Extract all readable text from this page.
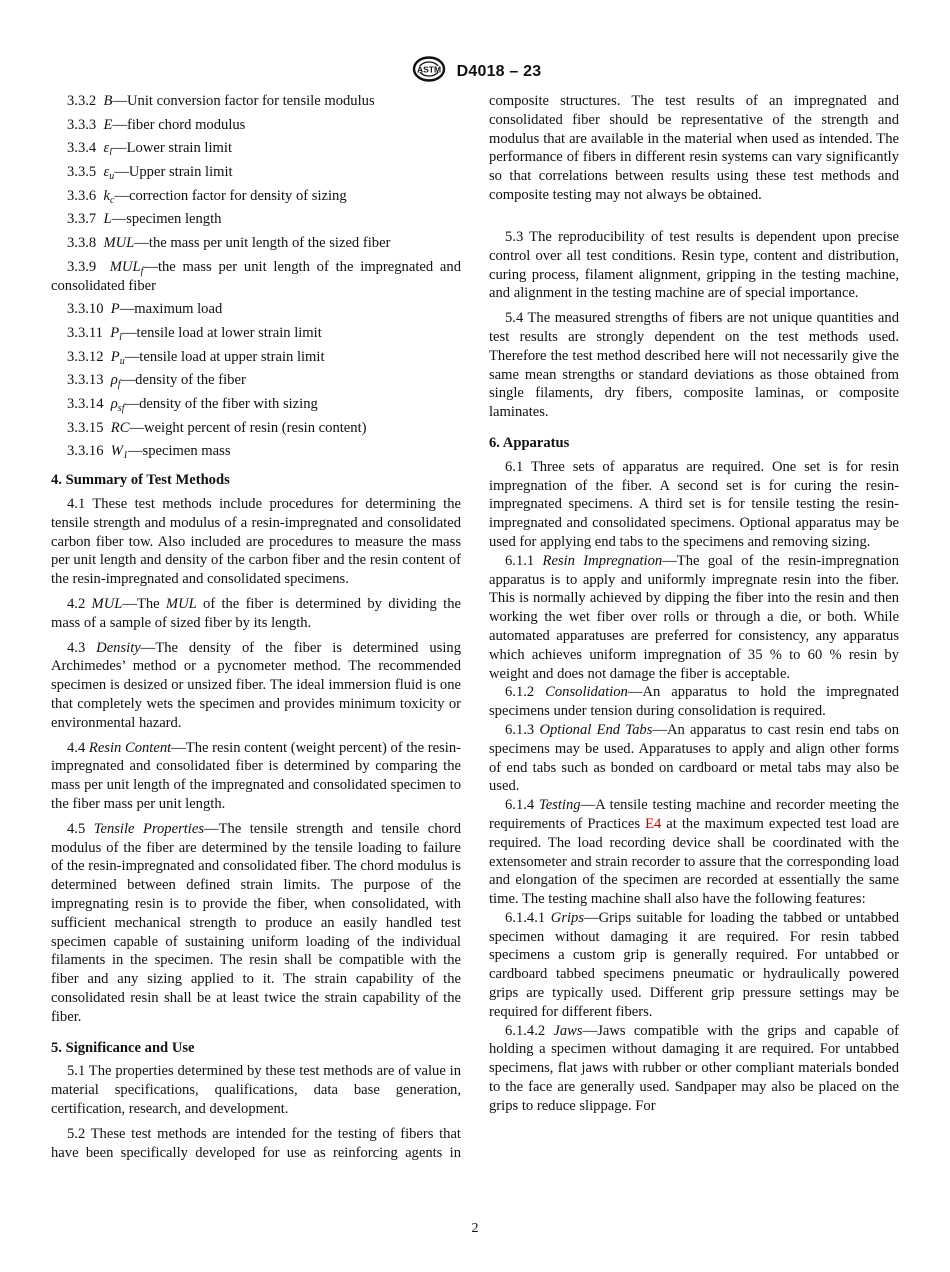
ASTM D4018 – 23

3.3.2 B—Unit conversion factor for tensile modulus

3.3.3 E—fiber chord modulus

3.3.4 $\varepsilon_l—Lower$ strain limit

3.3.5 $\varepsilon_u—Upper$ strain limit

3.3.6 $k_c—correction$ factor for density of sizing

3.3.7 L—specimen length

3.3.8 MUL—the mass per unit length of the sized fiber

3.3.9 $MUL_f—the$ mass per unit length of the impregnated and consolidated fiber

3.3.10 P—maximum load

3.3.11 $P_l—tensile$ load at lower strain limit

3.3.12 $P_u—tensile$ load at upper strain limit

3.3.13 $\rho_f—density$ of the fiber

3.3.14 $\rho_{sf}—density$ of the fiber with sizing

3.3.15 RC—weight percent of resin (resin content)

3.3.16 $W_1—specimen$ mass

4. Summary of Test Methods

4.1 These test methods include procedures for determining the tensile strength and modulus of a resin-impregnated and consolidated carbon fiber tow. Also included are procedures to measure the mass per unit length and density of the carbon fiber and the resin content of the resin-impregnated and consolidated specimens.

4.2 MUL—The MUL of the fiber is determined by dividing the mass of a sample of sized fiber by its length.

4.3 Density—The density of the fiber is determined using Archimedes’ method or a pycnometer method. The recommended specimen is desized or unsized fiber. The ideal immersion fluid is one that completely wets the specimen and provides minimum toxicity or environmental hazard.

4.4 Resin Content—The resin content (weight percent) of the resin-impregnated and consolidated fiber is determined by comparing the mass per unit length of the impregnated and consolidated specimen to the fiber mass per unit length.

4.5 Tensile Properties—The tensile strength and tensile chord modulus of the fiber are determined by the tensile loading to failure of the resin-impregnated and consolidated fiber. The chord modulus is determined between defined strain limits. The purpose of the impregnating resin is to provide the fiber, when consolidated, with sufficient mechanical strength to produce an easily handled test specimen capable of sustaining uniform loading of the individual filaments in the specimen. The resin shall be compatible with the fiber and any sizing applied to it. The strain capability of the consolidated resin shall be at least twice the strain capability of the fiber.

5. Significance and Use

5.1 The properties determined by these test methods are of value in material specifications, qualifications, data base generation, certification, research, and development.

5.2 These test methods are intended for the testing of fibers that have been specifically developed for use as reinforcing agents in

composite structures. The test results of an impregnated and consolidated fiber should be representative of the strength and modulus that are available in the material when used as intended. The performance of fibers in different resin systems can vary significantly so that correlations between results using these test methods and composite testing may not always be obtained.

5.3 The reproducibility of test results is dependent upon precise control over all test conditions. Resin type, content and distribution, curing process, filament alignment, gripping in the testing machine, and alignment in the testing machine are of special importance.

5.4 The measured strengths of fibers are not unique quantities and test results are strongly dependent on the test methods used. Therefore the test method described here will not necessarily give the same mean strengths or standard deviations as those obtained from single filaments, dry fibers, composite laminas, or composite laminates.

6. Apparatus

6.1 Three sets of apparatus are required. One set is for resin impregnation of the fiber. A second set is for curing the resin-impregnated specimens. A third set is for tensile testing the resin-impregnated and consolidated specimens. Optional apparatus may be used for applying end tabs to the specimens and removing sizing.

6.1.1 Resin Impregnation—The goal of the resin-impregnation apparatus is to apply and uniformly impregnate resin into the fiber. This is normally achieved by dipping the fiber into the resin and then working the wet fiber over rolls or through a die, or both. While automated apparatuses are preferred for consistency, any apparatus which achieves uniform impregnation of 35 % to 60 % resin by weight and does not damage the fiber is acceptable.

6.1.2 Consolidation—An apparatus to hold the impregnated specimens under tension during consolidation is required.

6.1.3 Optional End Tabs—An apparatus to cast resin end tabs on specimens may be used. Apparatuses to apply and align other forms of end tabs such as bonded on cardboard or metal tabs may also be used.

6.1.4 Testing—A tensile testing machine and recorder meeting the requirements of Practices E4 at the maximum expected test load are required. The load recording device shall be coordinated with the extensometer and strain recorder to assure that the corresponding load and elongation of the specimen are recorded at essentially the same time. The testing machine shall also have the following features:

6.1.4.1 Grips—Grips suitable for loading the tabbed or untabbed specimen without damaging it are required. For resin tabbed specimens a custom grip is generally required. For untabbed or cardboard tabbed specimens pneumatic or hydraulically powered grips are typically used. Different grip pressure settings may be required for different fibers.

6.1.4.2 Jaws—Jaws compatible with the grips and capable of holding a specimen without damaging it are required. For untabbed specimens, flat jaws with rubber or other compliant materials bonded to the face are generally used. Sandpaper may also be placed on the grips to reduce slippage. For

2
